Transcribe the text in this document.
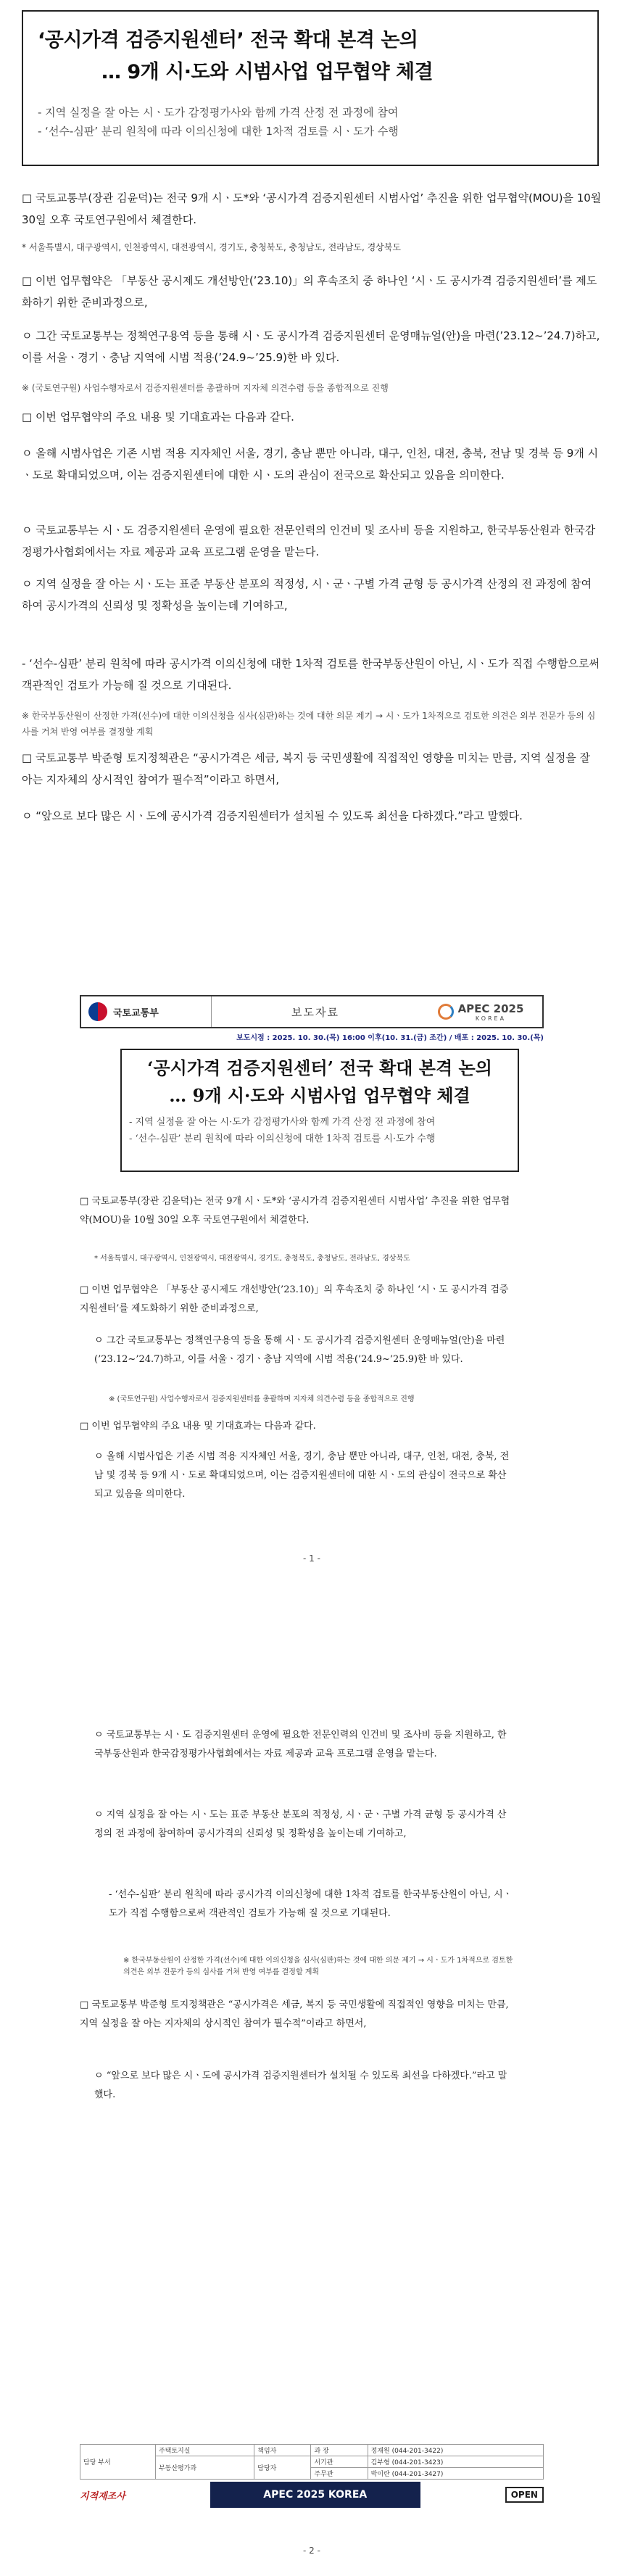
‘공시가격 검증지원센터’ 전국 확대 본격 논의
… 9개 시·도와 시범사업 업무협약 체결
- 지역 실정을 잘 아는 시ㆍ도가 감정평가사와 함께 가격 산정 전 과정에 참여
- ‘선수-심판’ 분리 원칙에 따라 이의신청에 대한 1차적 검토를 시ㆍ도가 수행
□ 국토교통부(장관 김윤덕)는 전국 9개 시ㆍ도*와 ‘공시가격 검증지원센터 시범사업’ 추진을 위한 업무협약(MOU)을 10월 30일 오후 국토연구원에서 체결한다.
* 서울특별시, 대구광역시, 인천광역시, 대전광역시, 경기도, 충청북도, 충청남도, 전라남도, 경상북도
□ 이번 업무협약은 「부동산 공시제도 개선방안(’23.10)」의 후속조치 중 하나인 ‘시ㆍ도 공시가격 검증지원센터’를 제도화하기 위한 준비과정으로,
ㅇ 그간 국토교통부는 정책연구용역 등을 통해 시ㆍ도 공시가격 검증지원센터 운영매뉴얼(안)을 마련(’23.12~’24.7)하고, 이를 서울ㆍ경기ㆍ충남 지역에 시범 적용(’24.9~’25.9)한 바 있다.
※ (국토연구원) 사업수행자로서 검증지원센터를 총괄하며 지자체 의견수렴 등을 종합적으로 진행
□ 이번 업무협약의 주요 내용 및 기대효과는 다음과 같다.
ㅇ 올해 시범사업은 기존 시범 적용 지자체인 서울, 경기, 충남 뿐만 아니라, 대구, 인천, 대전, 충북, 전남 및 경북 등 9개 시ㆍ도로 확대되었으며, 이는 검증지원센터에 대한 시ㆍ도의 관심이 전국으로 확산되고 있음을 의미한다.
ㅇ 국토교통부는 시ㆍ도 검증지원센터 운영에 필요한 전문인력의 인건비 및 조사비 등을 지원하고, 한국부동산원과 한국감정평가사협회에서는 자료 제공과 교육 프로그램 운영을 맡는다.
ㅇ 지역 실정을 잘 아는 시ㆍ도는 표준 부동산 분포의 적정성, 시ㆍ군ㆍ구별 가격 균형 등 공시가격 산정의 전 과정에 참여하여 공시가격의 신뢰성 및 정확성을 높이는데 기여하고,
- ‘선수-심판’ 분리 원칙에 따라 공시가격 이의신청에 대한 1차적 검토를 한국부동산원이 아닌, 시ㆍ도가 직접 수행함으로써 객관적인 검토가 가능해 질 것으로 기대된다.
※ 한국부동산원이 산정한 가격(선수)에 대한 이의신청을 심사(심판)하는 것에 대한 의문 제기 → 시ㆍ도가 1차적으로 검토한 의견은 외부 전문가 등의 심사를 거쳐 반영 여부를 결정할 계획
□ 국토교통부 박준형 토지정책관은 “공시가격은 세금, 복지 등 국민생활에 직접적인 영향을 미치는 만큼, 지역 실정을 잘 아는 지자체의 상시적인 참여가 필수적”이라고 하면서,
ㅇ “앞으로 보다 많은 시ㆍ도에 공시가격 검증지원센터가 설치될 수 있도록 최선을 다하겠다.”라고 말했다.
국토교통부	보도자료	APEC 2025
KOREA
보도시점 : 2025. 10. 30.(목) 16:00 이후(10. 31.(금) 조간) / 배포 : 2025. 10. 30.(목)
‘공시가격 검증지원센터’ 전국 확대 본격 논의
… 9개 시·도와 시범사업 업무협약 체결
- 지역 실정을 잘 아는 시·도가 감정평가사와 함께 가격 산정 전 과정에 참여
- ‘선수-심판’ 분리 원칙에 따라 이의신청에 대한 1차적 검토를 시·도가 수행
□ 국토교통부(장관 김윤덕)는 전국 9개 시ㆍ도*와 ‘공시가격 검증지원센터 시범사업’ 추진을 위한 업무협약(MOU)을 10월 30일 오후 국토연구원에서 체결한다.
* 서울특별시, 대구광역시, 인천광역시, 대전광역시, 경기도, 충청북도, 충청남도, 전라남도, 경상북도
□ 이번 업무협약은 「부동산 공시제도 개선방안(’23.10)」의 후속조치 중 하나인 ‘시ㆍ도 공시가격 검증지원센터’를 제도화하기 위한 준비과정으로,
ㅇ 그간 국토교통부는 정책연구용역 등을 통해 시ㆍ도 공시가격 검증지원센터 운영매뉴얼(안)을 마련(’23.12~’24.7)하고, 이를 서울ㆍ경기ㆍ충남 지역에 시범 적용(’24.9~’25.9)한 바 있다.
※ (국토연구원) 사업수행자로서 검증지원센터를 총괄하며 지자체 의견수렴 등을 종합적으로 진행
□ 이번 업무협약의 주요 내용 및 기대효과는 다음과 같다.
ㅇ 올해 시범사업은 기존 시범 적용 지자체인 서울, 경기, 충남 뿐만 아니라, 대구, 인천, 대전, 충북, 전남 및 경북 등 9개 시ㆍ도로 확대되었으며, 이는 검증지원센터에 대한 시ㆍ도의 관심이 전국으로 확산되고 있음을 의미한다.
- 1 -
ㅇ 국토교통부는 시ㆍ도 검증지원센터 운영에 필요한 전문인력의 인건비 및 조사비 등을 지원하고, 한국부동산원과 한국감정평가사협회에서는 자료 제공과 교육 프로그램 운영을 맡는다.
ㅇ 지역 실정을 잘 아는 시ㆍ도는 표준 부동산 분포의 적정성, 시ㆍ군ㆍ구별 가격 균형 등 공시가격 산정의 전 과정에 참여하여 공시가격의 신뢰성 및 정확성을 높이는데 기여하고,
- ‘선수-심판’ 분리 원칙에 따라 공시가격 이의신청에 대한 1차적 검토를 한국부동산원이 아닌, 시ㆍ도가 직접 수행함으로써 객관적인 검토가 가능해 질 것으로 기대된다.
※ 한국부동산원이 산정한 가격(선수)에 대한 이의신청을 심사(심판)하는 것에 대한 의문 제기 → 시ㆍ도가 1차적으로 검토한 의견은 외부 전문가 등의 심사를 거쳐 반영 여부를 결정할 계획
□ 국토교통부 박준형 토지정책관은 “공시가격은 세금, 복지 등 국민생활에 직접적인 영향을 미치는 만큼, 지역 실정을 잘 아는 지자체의 상시적인 참여가 필수적”이라고 하면서,
ㅇ “앞으로 보다 많은 시ㆍ도에 공시가격 검증지원센터가 설치될 수 있도록 최선을 다하겠다.”라고 말했다.
담당 부서	주택토지실	책임자	과 장	정재원 (044-201-3422)
	부동산평가과	담당자	서기관	김부형 (044-201-3423)
			주무관	박이란 (044-201-3427)
지적재조사	APEC 2025 KOREA	OPEN
- 2 -
